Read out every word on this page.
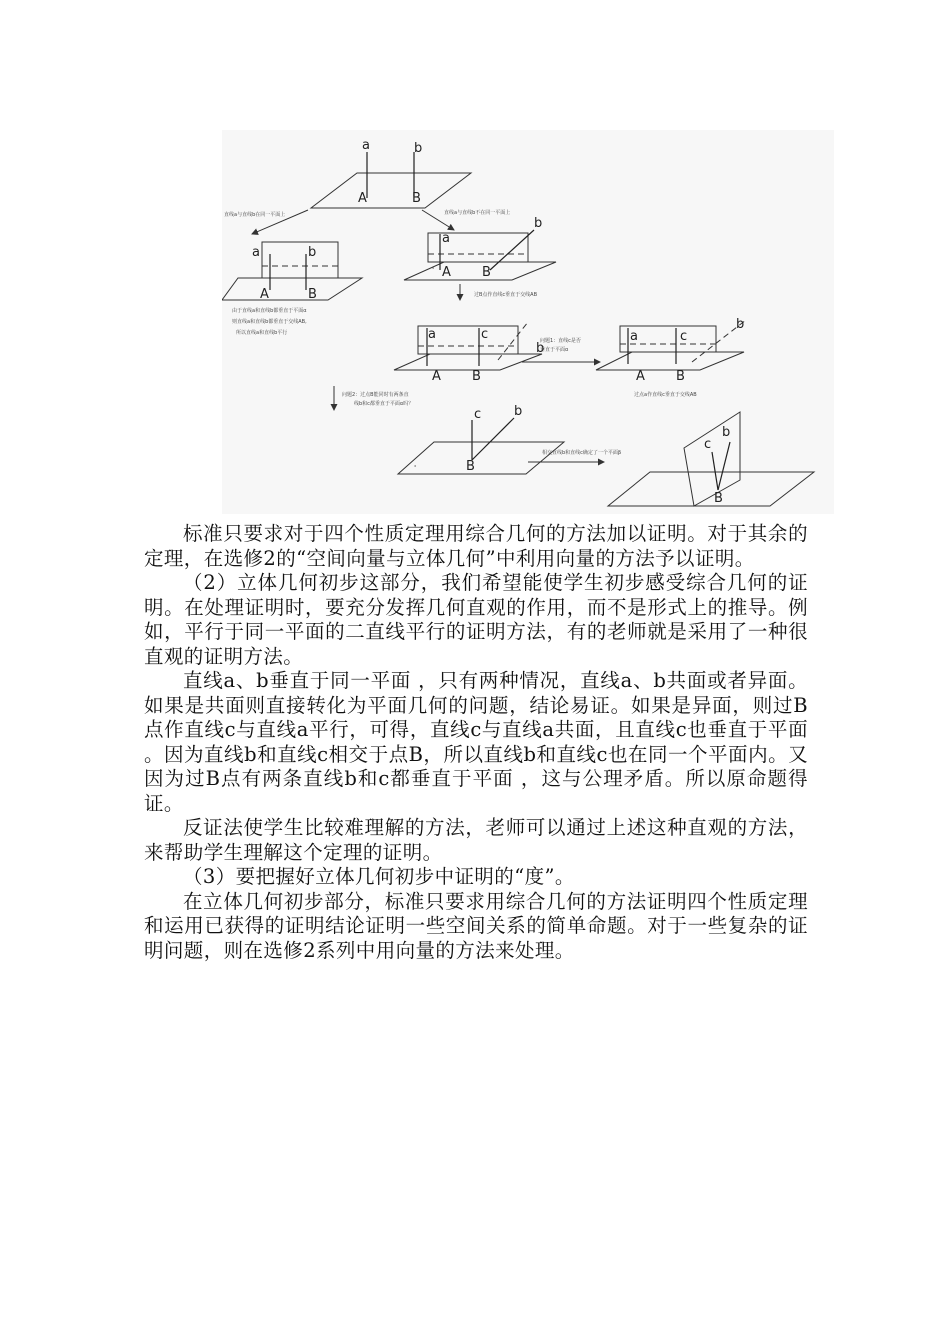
a	b
A	B
直线a与直线b在同一平面上	直线a与直线b不在同一平面上
a	b
A	B
由于直线a和直线b都垂直于平面α
则直线a和直线b都垂直于交线AB,
所以直线a和直线b平行
a
b
A B
°
过B点作直线c垂直于交线AB
a	c
b
A B
问题1：直线c是否
垂直于平面α
a	c
b
A B
过点a作直线c垂直于交线AB
问题2：过点B能同时有两条直
线b和c都垂直于平面α吗？
c	b
B
°
相交直线b和直线c确定了一个平面β
c
b
B

标准只要求对于四个性质定理用综合几何的方法加以证明。对于其余的定理，在选修2的“空间向量与立体几何”中利用向量的方法予以证明。

（2）立体几何初步这部分，我们希望能使学生初步感受综合几何的证明。在处理证明时，要充分发挥几何直观的作用，而不是形式上的推导。例如，平行于同一平面的二直线平行的证明方法，有的老师就是采用了一种很直观的证明方法。

直线a、b垂直于同一平面 ，只有两种情况，直线a、b共面或者异面。如果是共面则直接转化为平面几何的问题，结论易证。如果是异面，则过B点作直线c与直线a平行，可得，直线c与直线a共面，且直线c也垂直于平面 。因为直线b和直线c相交于点B，所以直线b和直线c也在同一个平面内。又因为过B点有两条直线b和c都垂直于平面 ，这与公理矛盾。所以原命题得证。

反证法使学生比较难理解的方法，老师可以通过上述这种直观的方法，来帮助学生理解这个定理的证明。

（3）要把握好立体几何初步中证明的“度”。

在立体几何初步部分，标准只要求用综合几何的方法证明四个性质定理和运用已获得的证明结论证明一些空间关系的简单命题。对于一些复杂的证明问题，则在选修2系列中用向量的方法来处理。
